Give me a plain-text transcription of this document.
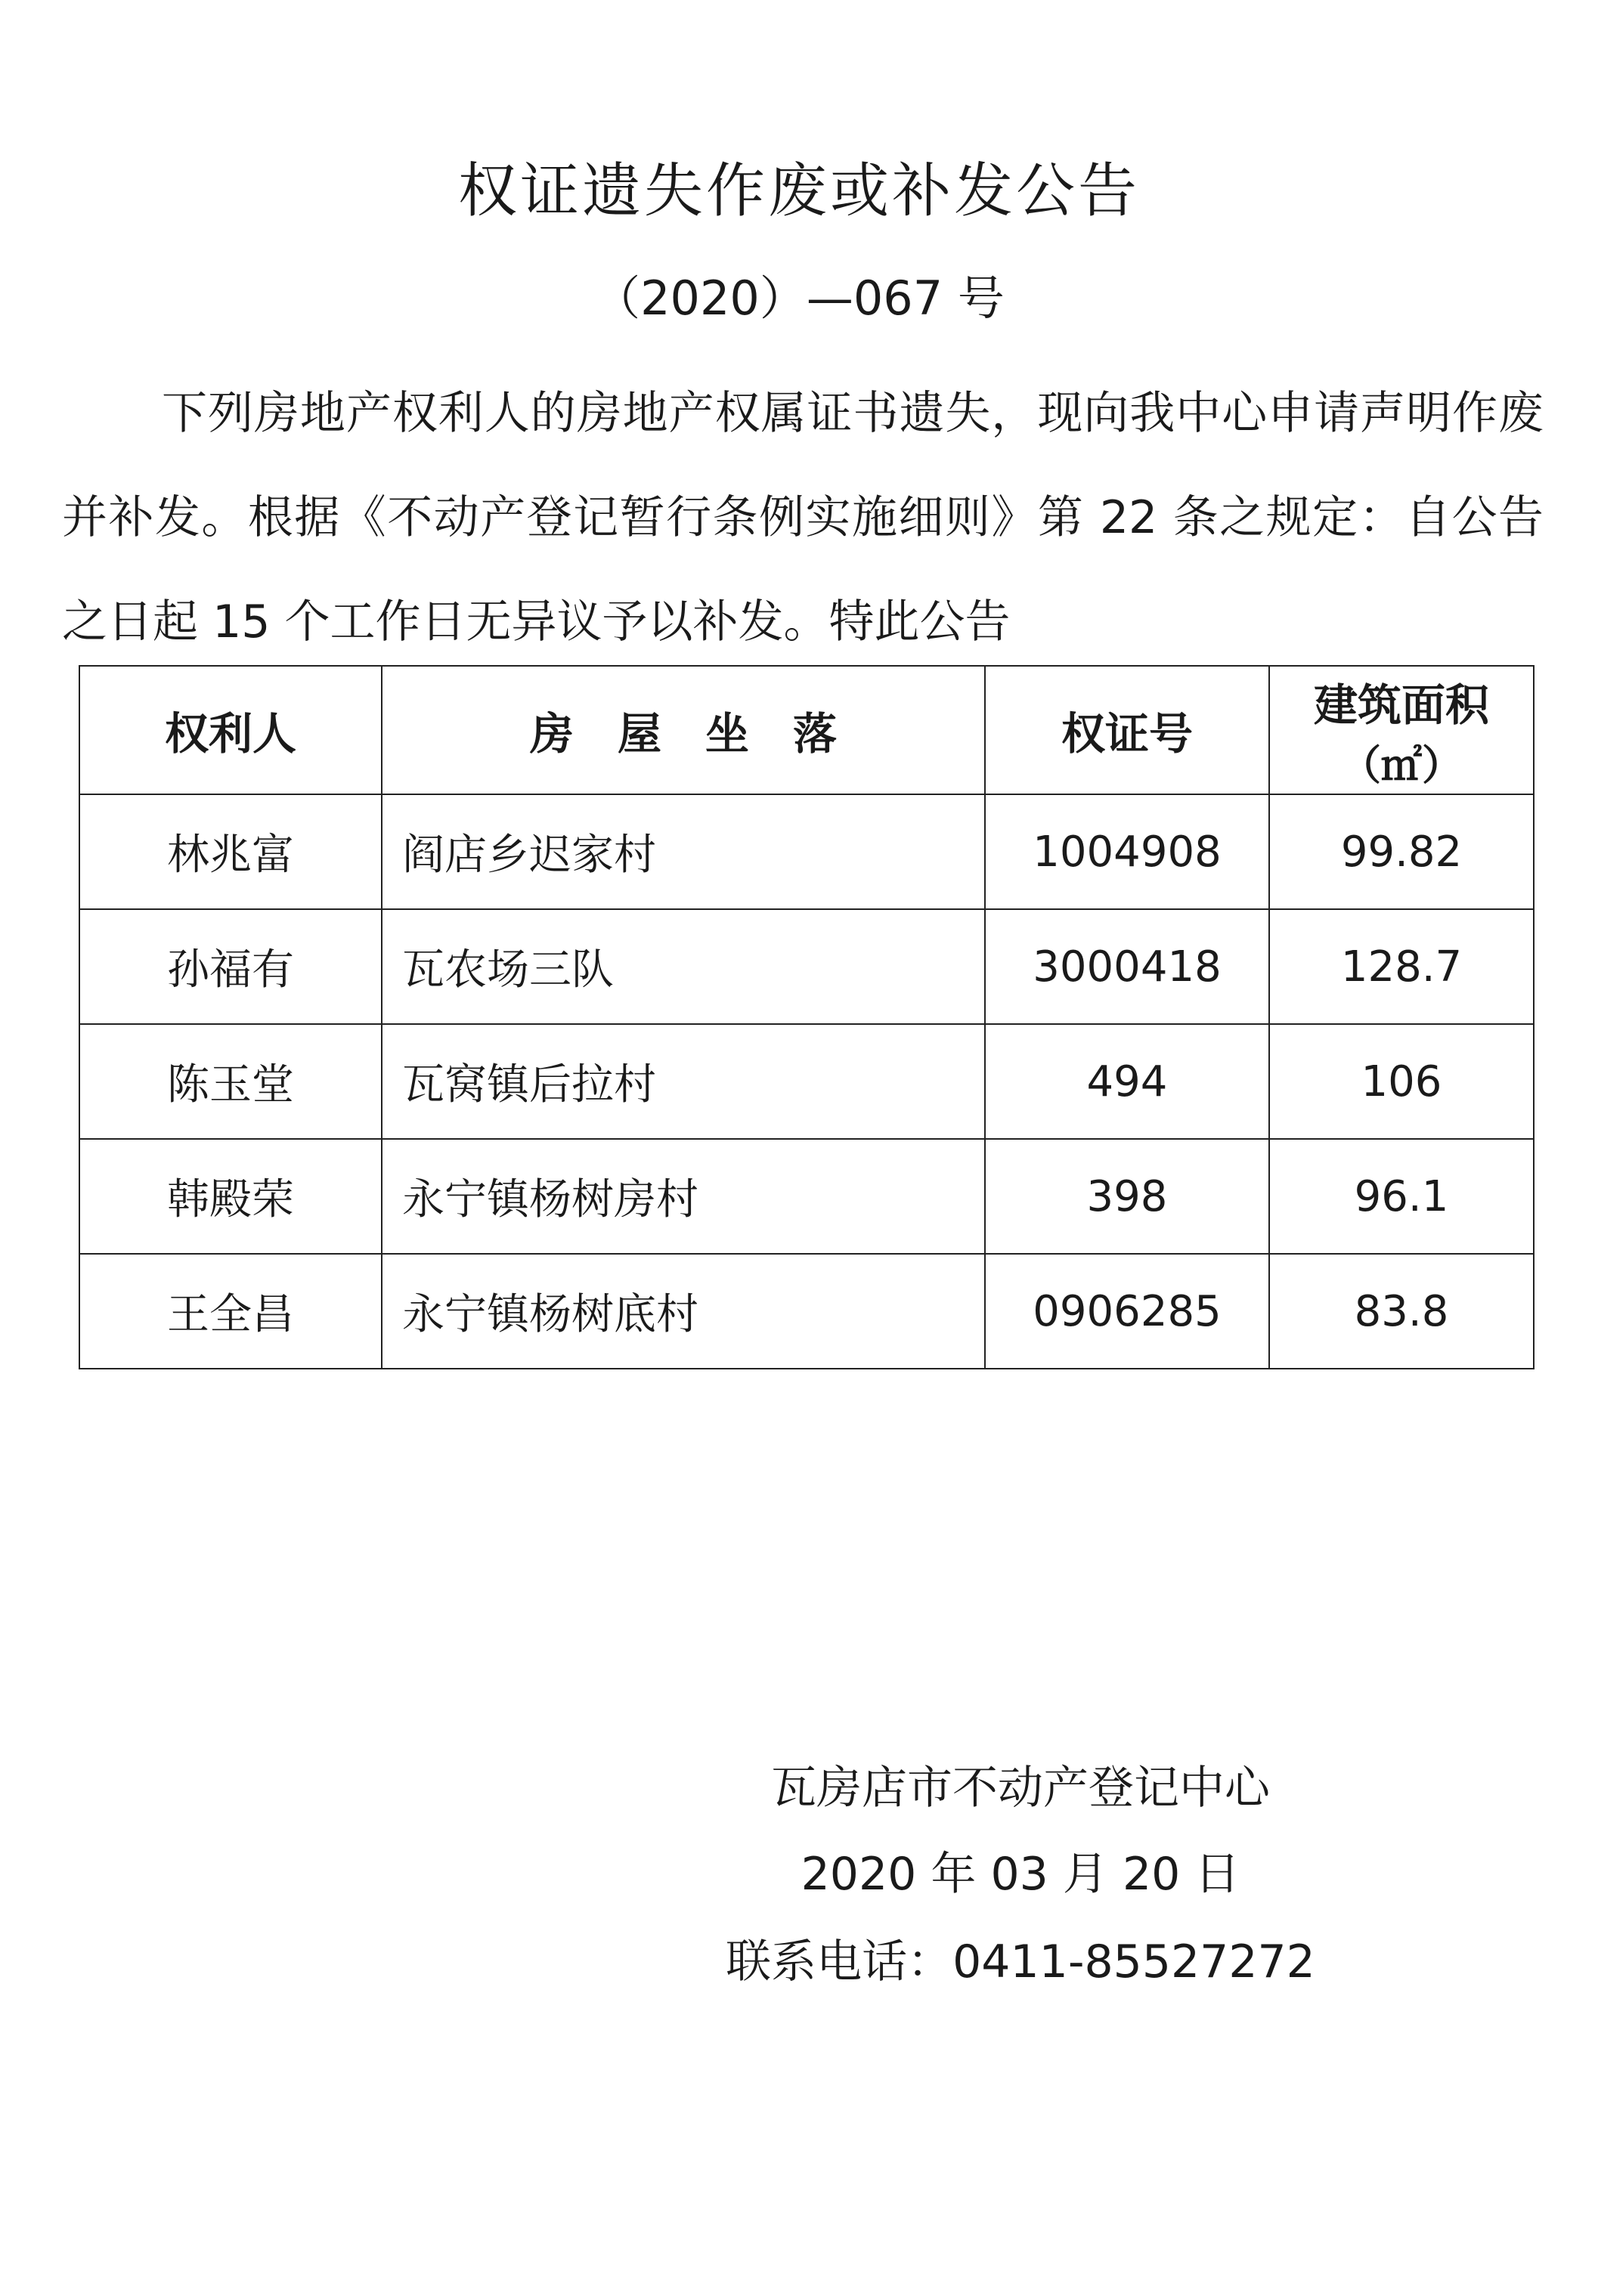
权证遗失作废或补发公告
（2020）—067 号
下列房地产权利人的房地产权属证书遗失，现向我中心申请声明作废并补发。根据《不动产登记暂行条例实施细则》第 22 条之规定：自公告之日起 15 个工作日无异议予以补发。特此公告
权利人	房　屋　坐　落	权证号	建筑面积
（㎡）

林兆富	阎店乡迟家村	1004908	99.82
孙福有	瓦农场三队	3000418	128.7
陈玉堂	瓦窝镇后拉村	494	106
韩殿荣	永宁镇杨树房村	398	96.1
王全昌	永宁镇杨树底村	0906285	83.8
瓦房店市不动产登记中心
2020 年 03 月 20 日
联系电话：0411-85527272
